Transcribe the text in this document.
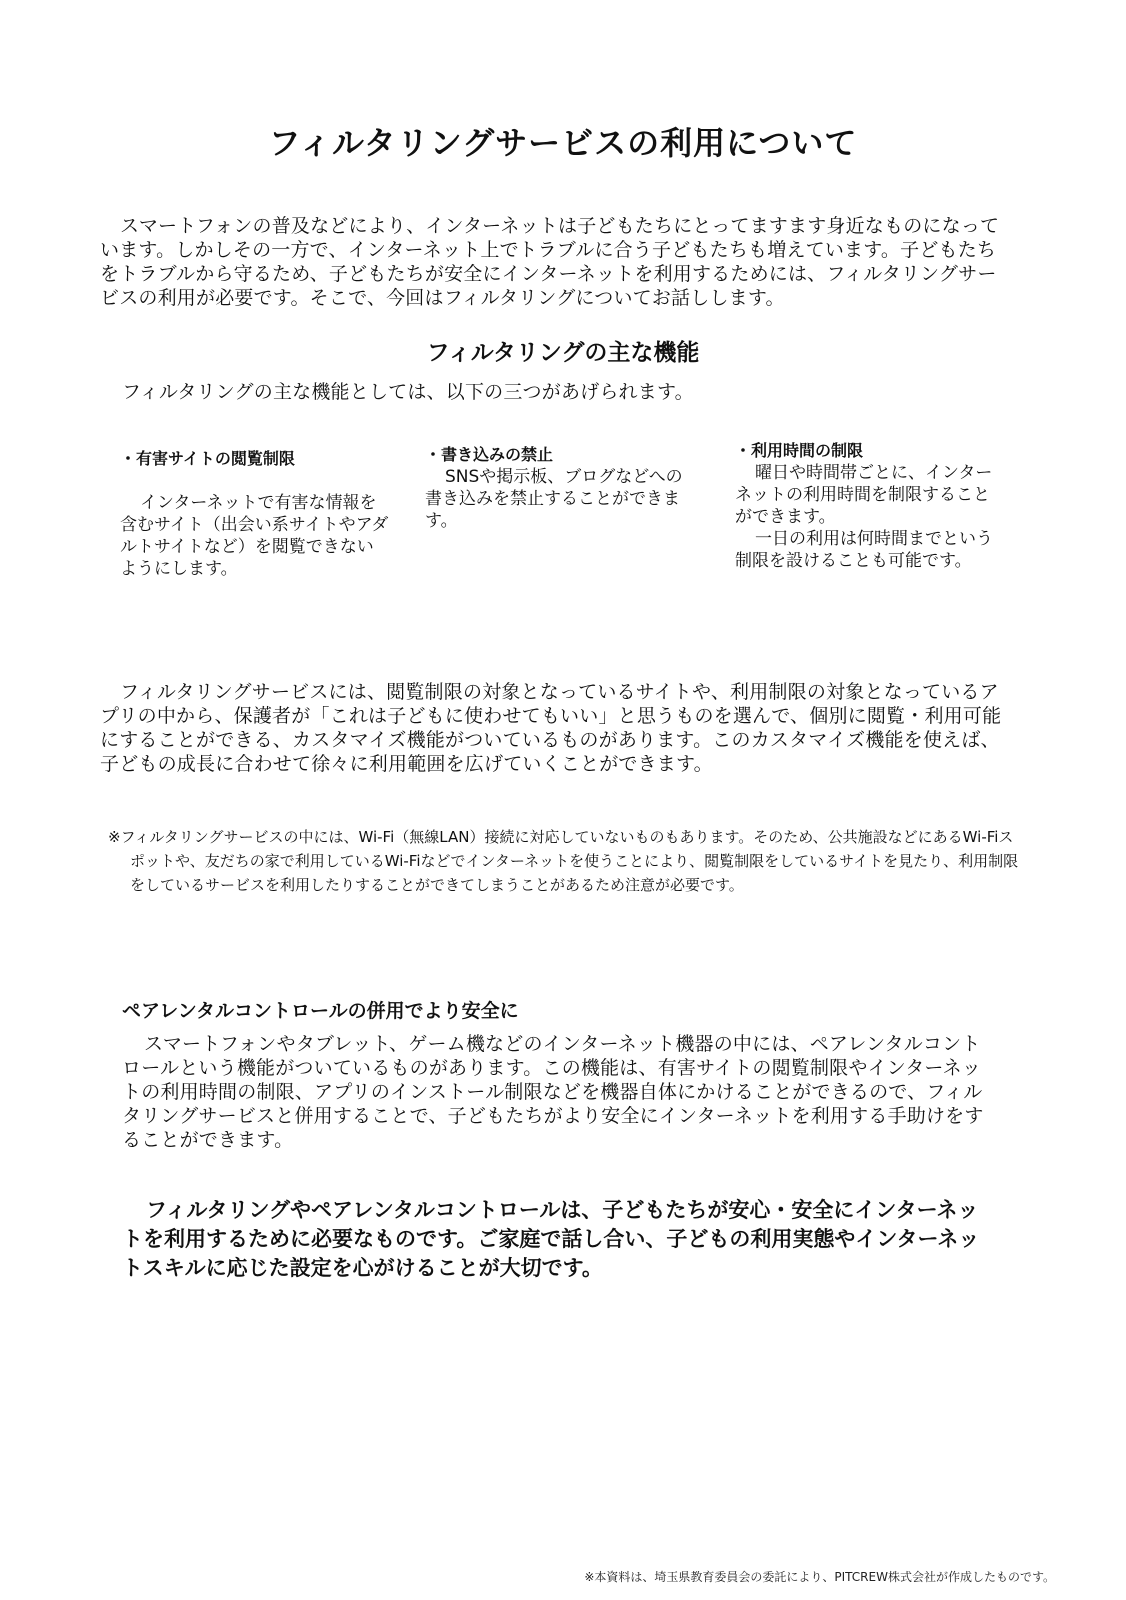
フィルタリングサービスの利用について
スマートフォンの普及などにより、インターネットは子どもたちにとってますます身近なものになっています。しかしその一方で、インターネット上でトラブルに合う子どもたちも増えています。子どもたちをトラブルから守るため、子どもたちが安全にインターネットを利用するためには、フィルタリングサービスの利用が必要です。そこで、今回はフィルタリングについてお話しします。
フィルタリングの主な機能
フィルタリングの主な機能としては、以下の三つがあげられます。

・有害サイトの閲覧制限

インターネットで有害な情報を含むサイト（出会い系サイトやアダルトサイトなど）を閲覧できないようにします。

・書き込みの禁止

SNSや掲示板、ブログなどへの書き込みを禁止することができます。

・利用時間の制限

曜日や時間帯ごとに、インターネットの利用時間を制限することができます。

一日の利用は何時間までという制限を設けることも可能です。

フィルタリングサービスには、閲覧制限の対象となっているサイトや、利用制限の対象となっているアプリの中から、保護者が「これは子どもに使わせてもいい」と思うものを選んで、個別に閲覧・利用可能にすることができる、カスタマイズ機能がついているものがあります。このカスタマイズ機能を使えば、子どもの成長に合わせて徐々に利用範囲を広げていくことができます。
※フィルタリングサービスの中には、Wi-Fi（無線LAN）接続に対応していないものもあります。そのため、公共施設などにあるWi-Fiスポットや、友だちの家で利用しているWi-Fiなどでインターネットを使うことにより、閲覧制限をしているサイトを見たり、利用制限をしているサービスを利用したりすることができてしまうことがあるため注意が必要です。
ペアレンタルコントロールの併用でより安全に
スマートフォンやタブレット、ゲーム機などのインターネット機器の中には、ペアレンタルコントロールという機能がついているものがあります。この機能は、有害サイトの閲覧制限やインターネットの利用時間の制限、アプリのインストール制限などを機器自体にかけることができるので、フィルタリングサービスと併用することで、子どもたちがより安全にインターネットを利用する手助けをすることができます。
フィルタリングやペアレンタルコントロールは、子どもたちが安心・安全にインターネットを利用するために必要なものです。ご家庭で話し合い、子どもの利用実態やインターネットスキルに応じた設定を心がけることが大切です。
※本資料は、埼玉県教育委員会の委託により、PITCREW株式会社が作成したものです。
